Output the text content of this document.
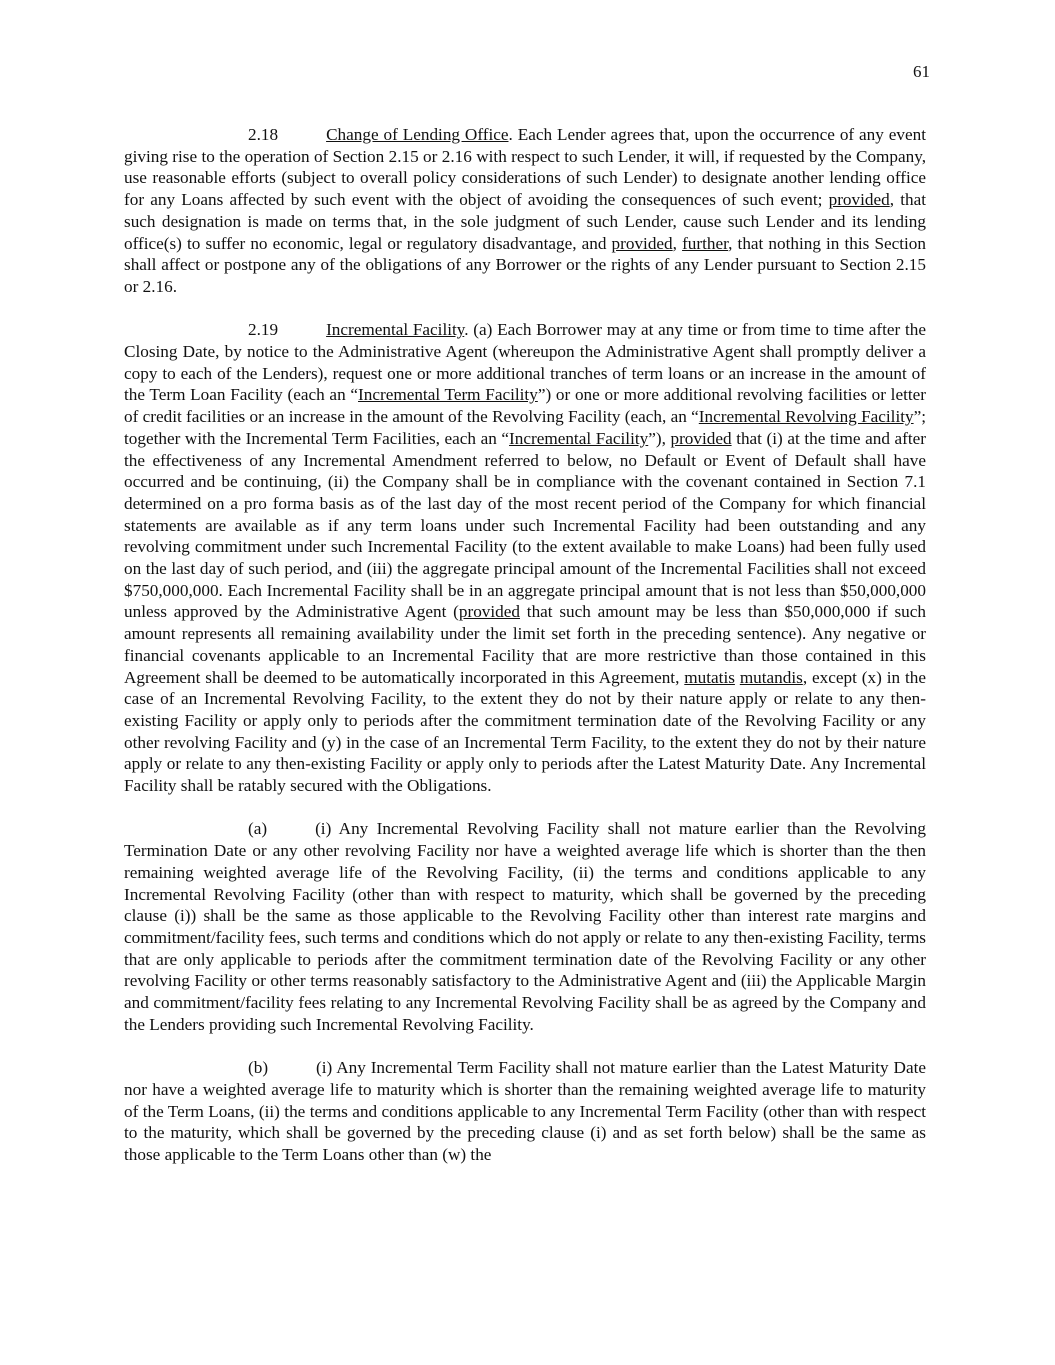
61

2.18	Change of Lending Office. Each Lender agrees that, upon the occurrence of any event giving rise to the operation of Section 2.15 or 2.16 with respect to such Lender, it will, if requested by the Company, use reasonable efforts (subject to overall policy considerations of such Lender) to designate another lending office for any Loans affected by such event with the object of avoiding the consequences of such event; provided, that such designation is made on terms that, in the sole judgment of such Lender, cause such Lender and its lending office(s) to suffer no economic, legal or regulatory disadvantage, and provided, further, that nothing in this Section shall affect or postpone any of the obligations of any Borrower or the rights of any Lender pursuant to Section 2.15 or 2.16.

2.19	Incremental Facility. (a) Each Borrower may at any time or from time to time after the Closing Date, by notice to the Administrative Agent (whereupon the Administrative Agent shall promptly deliver a copy to each of the Lenders), request one or more additional tranches of term loans or an increase in the amount of the Term Loan Facility (each an “Incremental Term Facility”) or one or more additional revolving facilities or letter of credit facilities or an increase in the amount of the Revolving Facility (each, an “Incremental Revolving Facility”; together with the Incremental Term Facilities, each an “Incremental Facility”), provided that (i) at the time and after the effectiveness of any Incremental Amendment referred to below, no Default or Event of Default shall have occurred and be continuing, (ii) the Company shall be in compliance with the covenant contained in Section 7.1 determined on a pro forma basis as of the last day of the most recent period of the Company for which financial statements are available as if any term loans under such Incremental Facility had been outstanding and any revolving commitment under such Incremental Facility (to the extent available to make Loans) had been fully used on the last day of such period, and (iii) the aggregate principal amount of the Incremental Facilities shall not exceed $750,000,000. Each Incremental Facility shall be in an aggregate principal amount that is not less than $50,000,000 unless approved by the Administrative Agent (provided that such amount may be less than $50,000,000 if such amount represents all remaining availability under the limit set forth in the preceding sentence). Any negative or financial covenants applicable to an Incremental Facility that are more restrictive than those contained in this Agreement shall be deemed to be automatically incorporated in this Agreement, mutatis mutandis, except (x) in the case of an Incremental Revolving Facility, to the extent they do not by their nature apply or relate to any then-existing Facility or apply only to periods after the commitment termination date of the Revolving Facility or any other revolving Facility and (y) in the case of an Incremental Term Facility, to the extent they do not by their nature apply or relate to any then-existing Facility or apply only to periods after the Latest Maturity Date. Any Incremental Facility shall be ratably secured with the Obligations.

(a)	(i) Any Incremental Revolving Facility shall not mature earlier than the Revolving Termination Date or any other revolving Facility nor have a weighted average life which is shorter than the then remaining weighted average life of the Revolving Facility, (ii) the terms and conditions applicable to any Incremental Revolving Facility (other than with respect to maturity, which shall be governed by the preceding clause (i)) shall be the same as those applicable to the Revolving Facility other than interest rate margins and commitment/facility fees, such terms and conditions which do not apply or relate to any then-existing Facility, terms that are only applicable to periods after the commitment termination date of the Revolving Facility or any other revolving Facility or other terms reasonably satisfactory to the Administrative Agent and (iii) the Applicable Margin and commitment/facility fees relating to any Incremental Revolving Facility shall be as agreed by the Company and the Lenders providing such Incremental Revolving Facility.

(b)	(i) Any Incremental Term Facility shall not mature earlier than the Latest Maturity Date nor have a weighted average life to maturity which is shorter than the remaining weighted average life to maturity of the Term Loans, (ii) the terms and conditions applicable to any Incremental Term Facility (other than with respect to the maturity, which shall be governed by the preceding clause (i) and as set forth below) shall be the same as those applicable to the Term Loans other than (w) the
